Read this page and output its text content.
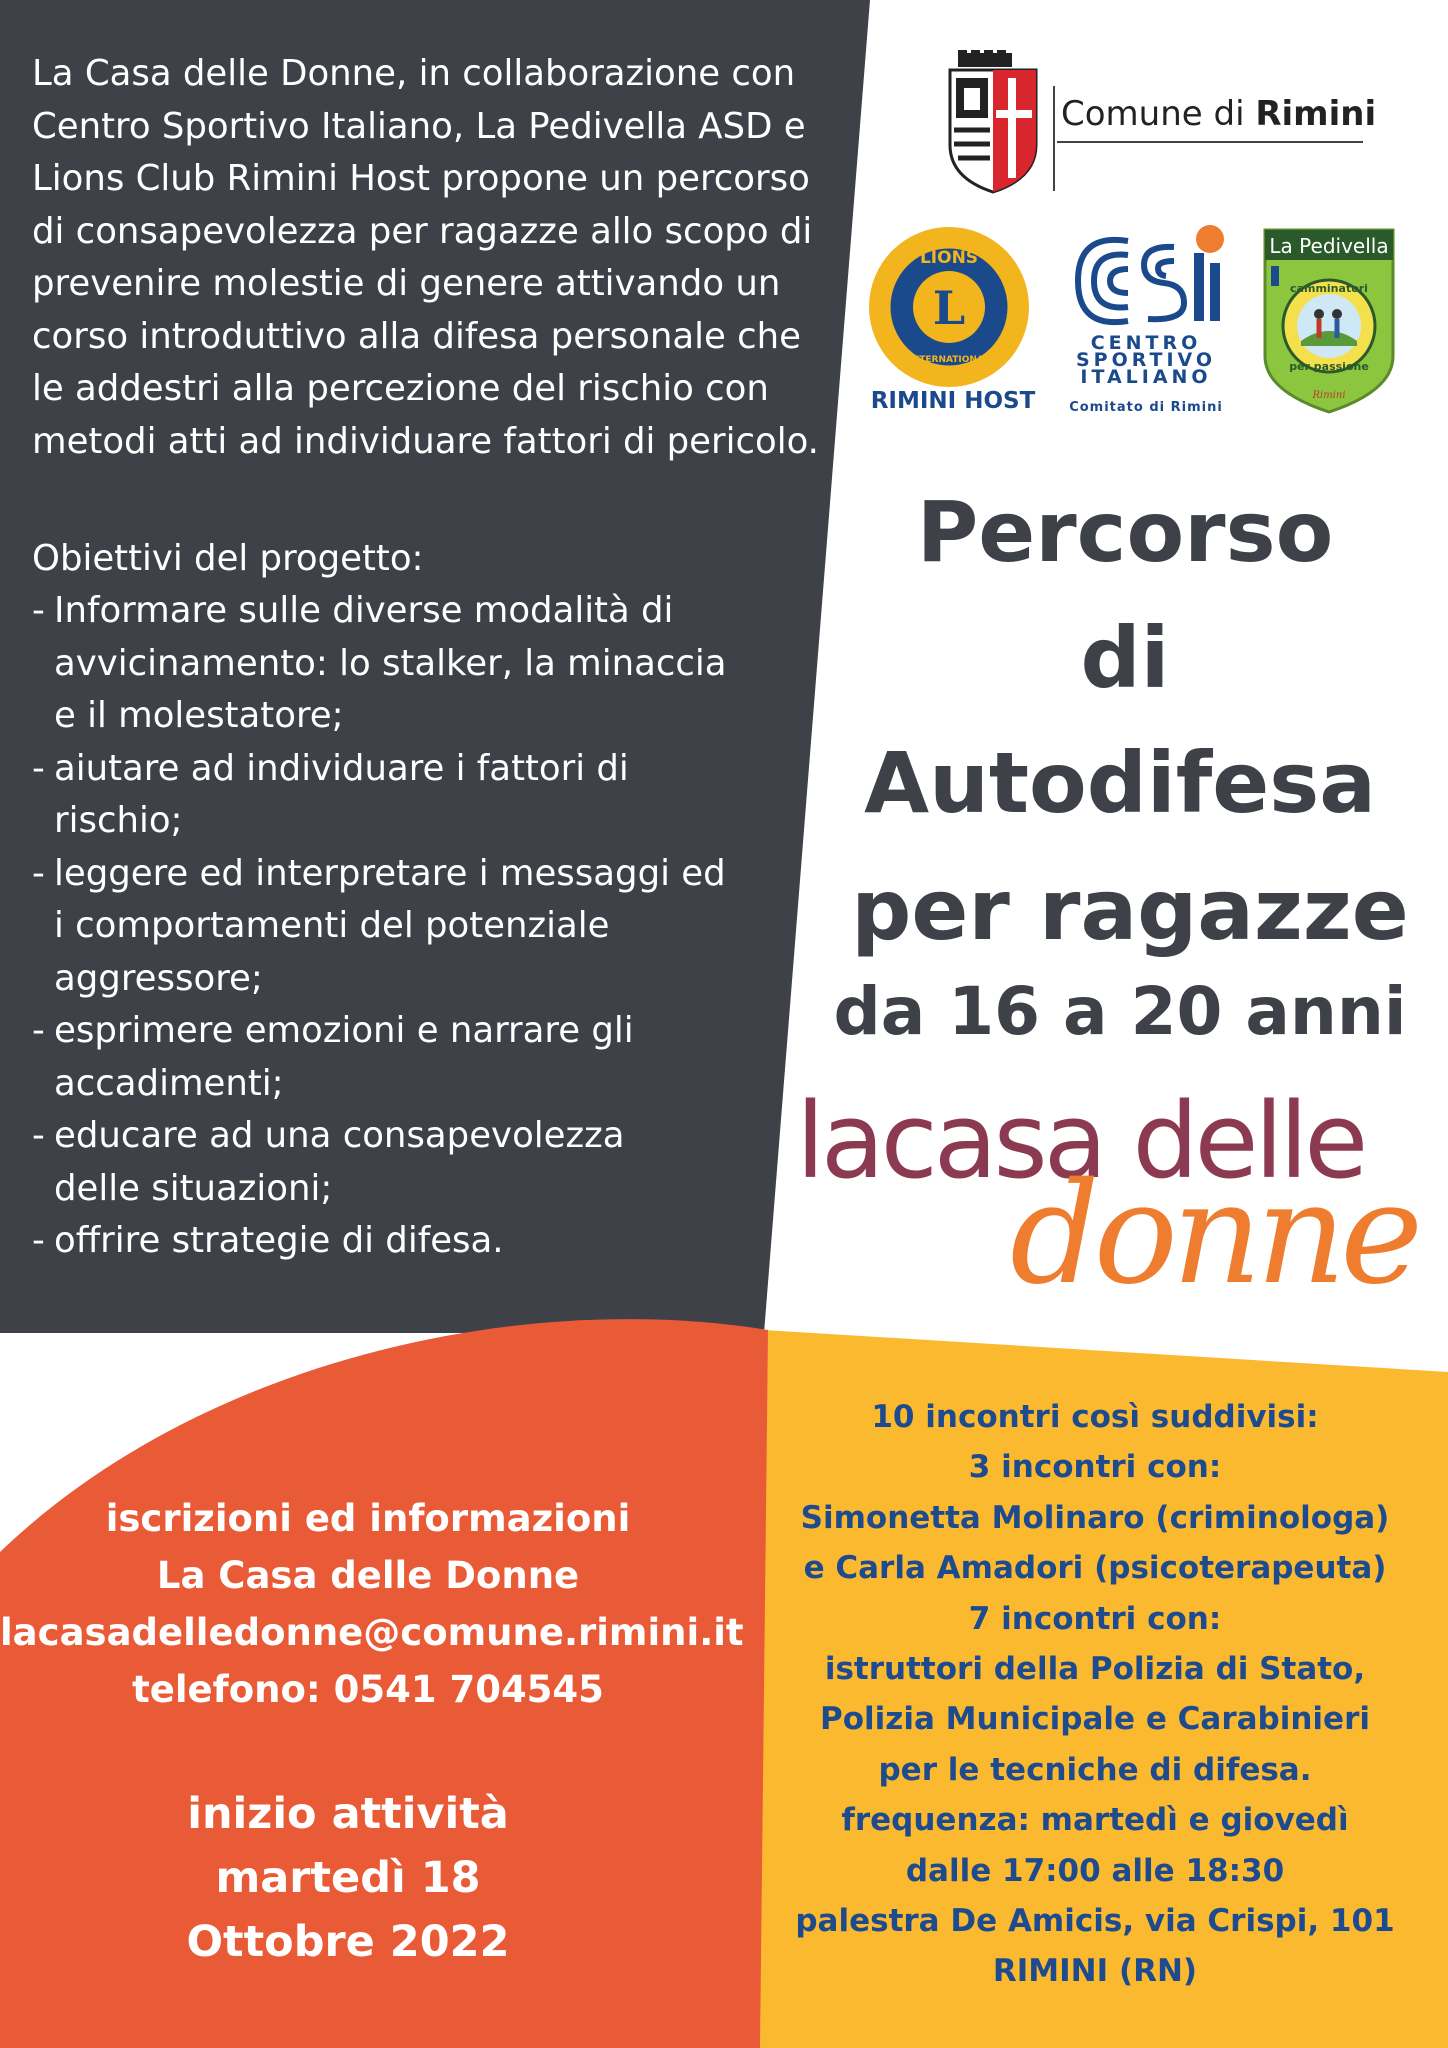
La Casa delle Donne, in collaborazione con
Centro Sportivo Italiano, La Pedivella ASD e
Lions Club Rimini Host propone un percorso
di consapevolezza per ragazze allo scopo di
prevenire molestie di genere attivando un
corso introduttivo alla difesa personale che
le addestri alla percezione del rischio con
metodi atti ad individuare fattori di pericolo.
Obiettivi del progetto:
- Informare sulle diverse modalità di
avvicinamento: lo stalker, la minaccia
e il molestatore;
- aiutare ad individuare i fattori di
rischio;
- leggere ed interpretare i messaggi ed
i comportamenti del potenziale
aggressore;
- esprimere emozioni e narrare gli
accadimenti;
- educare ad una consapevolezza
delle situazioni;
- offrire strategie di difesa.
Comune di Rimini
L
LIONS
INTERNATIONAL
RIMINI HOST
CENTRO
SPORTIVO
ITALIANO
Comitato di Rimini
La Pedivella
camminatori
per passione
Rimini
Percorso
di
Autodifesa
per ragazze
da 16 a 20 anni
lacasa delle
donne
iscrizioni ed informazioni
La Casa delle Donne
lacasadelledonne@comune.rimini.it
telefono: 0541 704545
inizio attività
martedì 18
Ottobre 2022
10 incontri così suddivisi:
3 incontri con:
Simonetta Molinaro (criminologa)
e Carla Amadori (psicoterapeuta)
7 incontri con:
istruttori della Polizia di Stato,
Polizia Municipale e Carabinieri
per le tecniche di difesa.
frequenza: martedì e giovedì
dalle 17:00 alle 18:30
palestra De Amicis, via Crispi, 101
RIMINI (RN)
